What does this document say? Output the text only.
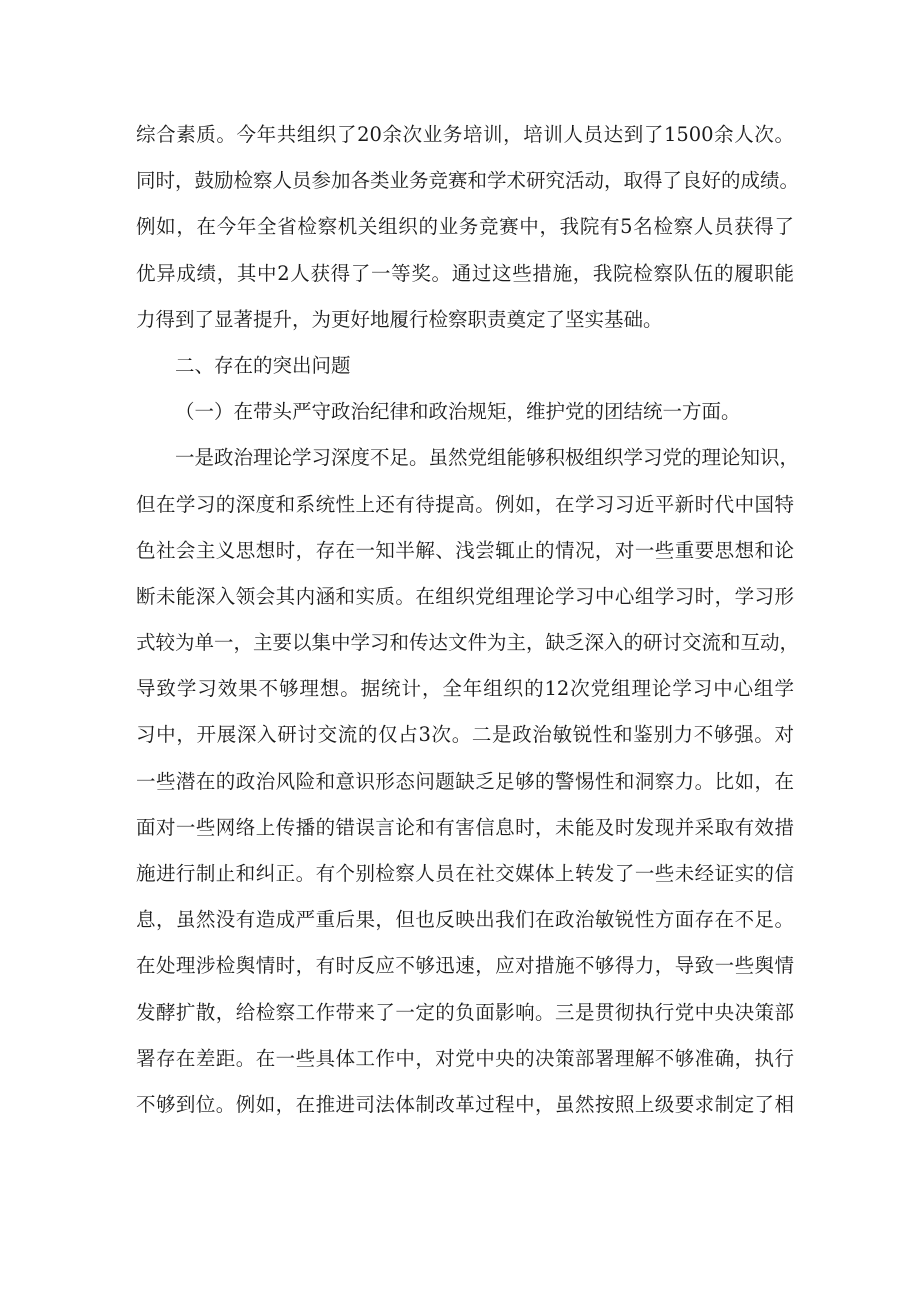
综合素质。今年共组织了20余次业务培训，培训人员达到了1500余人次。
同时，鼓励检察人员参加各类业务竞赛和学术研究活动，取得了良好的成绩。
例如，在今年全省检察机关组织的业务竞赛中，我院有5名检察人员获得了
优异成绩，其中2人获得了一等奖。通过这些措施，我院检察队伍的履职能
力得到了显著提升，为更好地履行检察职责奠定了坚实基础。
二、存在的突出问题
（一）在带头严守政治纪律和政治规矩，维护党的团结统一方面。
一是政治理论学习深度不足。虽然党组能够积极组织学习党的理论知识，
但在学习的深度和系统性上还有待提高。例如，在学习习近平新时代中国特
色社会主义思想时，存在一知半解、浅尝辄止的情况，对一些重要思想和论
断未能深入领会其内涵和实质。在组织党组理论学习中心组学习时，学习形
式较为单一，主要以集中学习和传达文件为主，缺乏深入的研讨交流和互动，
导致学习效果不够理想。据统计，全年组织的12次党组理论学习中心组学
习中，开展深入研讨交流的仅占3次。二是政治敏锐性和鉴别力不够强。对
一些潜在的政治风险和意识形态问题缺乏足够的警惕性和洞察力。比如，在
面对一些网络上传播的错误言论和有害信息时，未能及时发现并采取有效措
施进行制止和纠正。有个别检察人员在社交媒体上转发了一些未经证实的信
息，虽然没有造成严重后果，但也反映出我们在政治敏锐性方面存在不足。
在处理涉检舆情时，有时反应不够迅速，应对措施不够得力，导致一些舆情
发酵扩散，给检察工作带来了一定的负面影响。三是贯彻执行党中央决策部
署存在差距。在一些具体工作中，对党中央的决策部署理解不够准确，执行
不够到位。例如，在推进司法体制改革过程中，虽然按照上级要求制定了相
